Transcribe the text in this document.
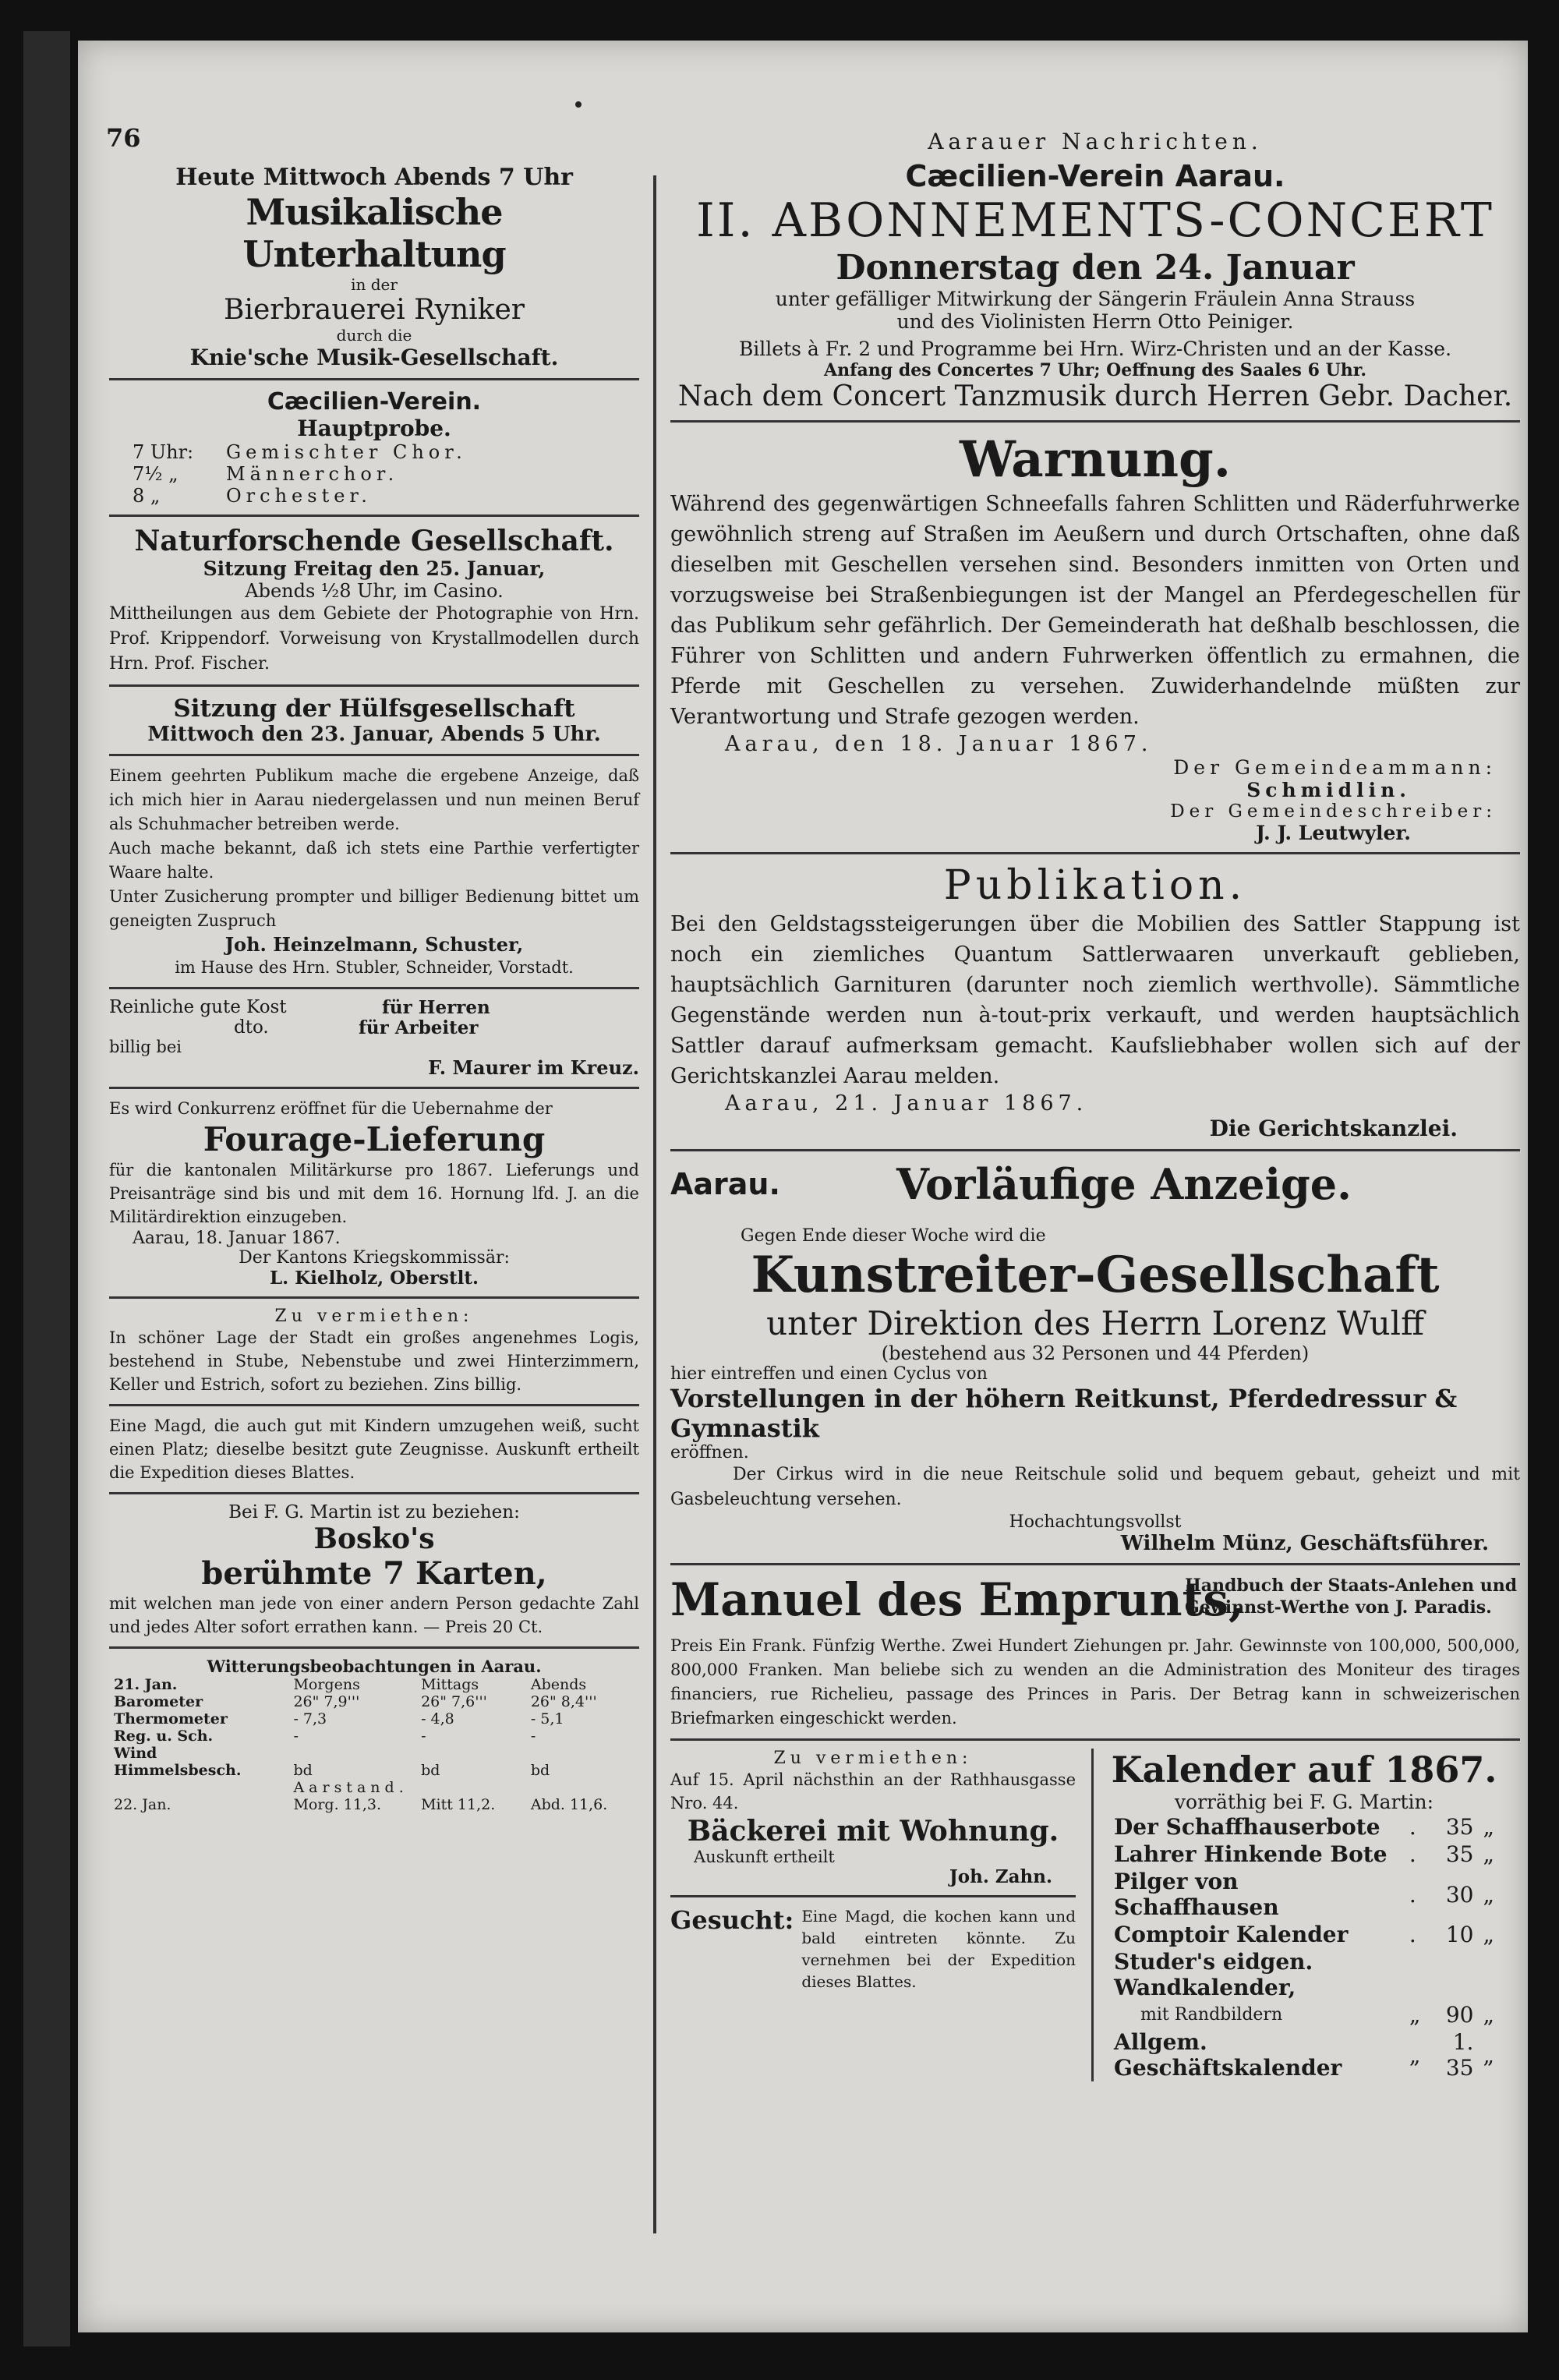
76
Heute Mittwoch Abends 7 Uhr
Musikalische Unterhaltung
in der
Bierbrauerei Ryniker
durch die
Knie'sche Musik-Gesellschaft.
Cæcilien-Verein.
Hauptprobe.
7 Uhr: Gemischter Chor.
7½ „	Männerchor.
8 „	Orchester.
Naturforschende Gesellschaft.
Sitzung Freitag den 25. Januar,
Abends ½8 Uhr, im Casino.

Mittheilungen aus dem Gebiete der Photographie von Hrn. Prof. Krippendorf. Vorweisung von Krystallmodellen durch Hrn. Prof. Fischer.

Sitzung der Hülfsgesellschaft
Mittwoch den 23. Januar, Abends 5 Uhr.

Einem geehrten Publikum mache die ergebene Anzeige, daß ich mich hier in Aarau niedergelassen und nun meinen Beruf als Schuhmacher betreiben werde.

Auch mache bekannt, daß ich stets eine Parthie verfertigter Waare halte.

Unter Zusicherung prompter und billiger Bedienung bittet um geneigten Zuspruch

Joh. Heinzelmann, Schuster,
im Hause des Hrn. Stubler, Schneider, Vorstadt.
Reinliche gute Kost	für Herren
dto.	für Arbeiter
billig bei
F. Maurer im Kreuz.

Es wird Conkurrenz eröffnet für die Uebernahme der

Fourage-Lieferung

für die kantonalen Militärkurse pro 1867. Lieferungs und Preisanträge sind bis und mit dem 16. Hornung lfd. J. an die Militärdirektion einzugeben.

Aarau, 18. Januar 1867.
Der Kantons Kriegskommissär:
L. Kielholz, Oberstlt.
Zu vermiethen:

In schöner Lage der Stadt ein großes angenehmes Logis, bestehend in Stube, Nebenstube und zwei Hinterzimmern, Keller und Estrich, sofort zu beziehen. Zins billig.

Eine Magd, die auch gut mit Kindern umzugehen weiß, sucht einen Platz; dieselbe besitzt gute Zeugnisse. Auskunft ertheilt die Expedition dieses Blattes.

Bei F. G. Martin ist zu beziehen:
Bosko's
berühmte 7 Karten,

mit welchen man jede von einer andern Person gedachte Zahl und jedes Alter sofort errathen kann. — Preis 20 Ct.

Witterungsbeobachtungen in Aarau.
21. Jan.	Morgens	Mittags	Abends
Barometer	26" 7,9'''	26" 7,6'''	26" 8,4'''
Thermometer	- 7,3	- 4,8	- 5,1
Reg. u. Sch.	-	-	-
Wind			
Himmelsbesch.	bd	bd	bd
	Aarstand.		
22. Jan.	Morg. 11,3.	Mitt 11,2.	Abd. 11,6.
Aarauer Nachrichten.
Cæcilien-Verein Aarau.
II. ABONNEMENTS-CONCERT
Donnerstag den 24. Januar
unter gefälliger Mitwirkung der Sängerin Fräulein Anna Strauss
und des Violinisten Herrn Otto Peiniger.
Billets à Fr. 2 und Programme bei Hrn. Wirz-Christen und an der Kasse.
Anfang des Concertes 7 Uhr; Oeffnung des Saales 6 Uhr.
Nach dem Concert Tanzmusik durch Herren Gebr. Dacher.
Warnung.

Während des gegenwärtigen Schneefalls fahren Schlitten und Räderfuhrwerke gewöhnlich streng auf Straßen im Aeußern und durch Ortschaften, ohne daß dieselben mit Geschellen versehen sind. Besonders inmitten von Orten und vorzugsweise bei Straßenbiegungen ist der Mangel an Pferdegeschellen für das Publikum sehr gefährlich. Der Gemeinderath hat deßhalb beschlossen, die Führer von Schlitten und andern Fuhrwerken öffentlich zu ermahnen, die Pferde mit Geschellen zu versehen. Zuwiderhandelnde müßten zur Verantwortung und Strafe gezogen werden.

Aarau, den 18. Januar 1867.
Der Gemeindeammann:
Schmidlin.
Der Gemeindeschreiber:
J. J. Leutwyler.
Publikation.

Bei den Geldstagssteigerungen über die Mobilien des Sattler Stappung ist noch ein ziemliches Quantum Sattlerwaaren unverkauft geblieben, hauptsächlich Garnituren (darunter noch ziemlich werthvolle). Sämmtliche Gegenstände werden nun à-tout-prix verkauft, und werden hauptsächlich Sattler darauf aufmerksam gemacht. Kaufsliebhaber wollen sich auf der Gerichtskanzlei Aarau melden.

Aarau, 21. Januar 1867.
Die Gerichtskanzlei.
Aarau.	Vorläufige Anzeige.
Gegen Ende dieser Woche wird die
Kunstreiter-Gesellschaft
unter Direktion des Herrn Lorenz Wulff
(bestehend aus 32 Personen und 44 Pferden)
hier eintreffen und einen Cyclus von
Vorstellungen in der höhern Reitkunst, Pferdedressur & Gymnastik
eröffnen.

Der Cirkus wird in die neue Reitschule solid und bequem gebaut, geheizt und mit Gasbeleuchtung versehen.

Hochachtungsvollst
Wilhelm Münz, Geschäftsführer.
Manuel des Emprunts,
Handbuch der Staats-Anlehen und Gewinnst-Werthe von J. Paradis.

Preis Ein Frank. Fünfzig Werthe. Zwei Hundert Ziehungen pr. Jahr. Gewinnste von 100,000, 500,000, 800,000 Franken. Man beliebe sich zu wenden an die Administration des Moniteur des tirages financiers, rue Richelieu, passage des Princes in Paris. Der Betrag kann in schweizerischen Briefmarken eingeschickt werden.

Zu vermiethen:

Auf 15. April nächsthin an der Rathhausgasse Nro. 44.

Bäckerei mit Wohnung.
Auskunft ertheilt
Joh. Zahn.
Gesucht: Eine Magd, die kochen kann und bald eintreten könnte. Zu vernehmen bei der Expedition dieses Blattes.
Kalender auf 1867.
vorräthig bei F. G. Martin:
Der Schaffhauserbote	.	35	„
Lahrer Hinkende Bote	.	35	„
Pilger von Schaffhausen	.	30	„
Comptoir Kalender	.	10	„
Studer's eidgen. Wandkalender,			
mit Randbildern	„	90	„
Allgem. Geschäftskalender	„	1. 35	„
